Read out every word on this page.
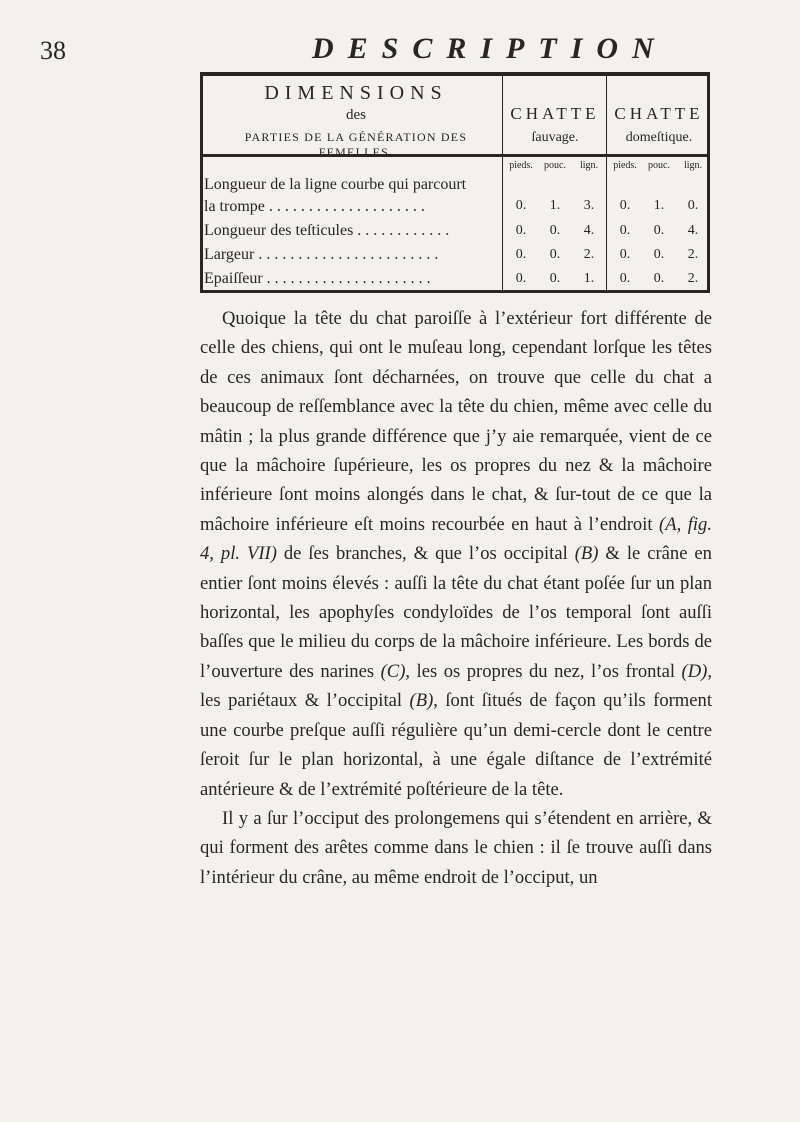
38	DESCRIPTION
DIMENSIONS
des
PARTIES DE LA GÉNÉRATION DES FEMELLES.
CHATTE
ſauvage.
CHATTE
domeſtique.
pieds. pouc. lign.	pieds. pouc. lign.
Longueur de la ligne courbe qui parcourt
la trompe . . . . . . . . . . . . . . . . . . . .	0. 1. 3.	0. 1. 0.
Longueur des teſticules . . . . . . . . . . . .	0. 0. 4.	0. 0. 4.
Largeur . . . . . . . . . . . . . . . . . . . . . . .	0. 0. 2.	0. 0. 2.
Epaiſſeur . . . . . . . . . . . . . . . . . . . . .	0. 0. 1.	0. 0. 2.

Quoique la tête du chat paroiſſe à l’extérieur fort différente de celle des chiens, qui ont le muſeau long, cependant lorſque les têtes de ces animaux ſont décharnées, on trouve que celle du chat a beaucoup de reſſemblance avec la tête du chien, même avec celle du mâtin ; la plus grande différence que j’y aie remarquée, vient de ce que la mâchoire ſupérieure, les os propres du nez & la mâchoire inférieure ſont moins alongés dans le chat, & ſur-tout de ce que la mâchoire inférieure eſt moins recourbée en haut à l’endroit (A, fig. 4, pl. VII) de ſes branches, & que l’os occipital (B) & le crâne en entier ſont moins élevés : auſſi la tête du chat étant poſée ſur un plan horizontal, les apophyſes condyloïdes de l’os temporal ſont auſſi baſſes que le milieu du corps de la mâchoire inférieure. Les bords de l’ouverture des narines (C), les os propres du nez, l’os frontal (D), les pariétaux & l’occipital (B), ſont ſitués de façon qu’ils forment une courbe preſque auſſi régulière qu’un demi-cercle dont le centre ſeroit ſur le plan horizontal, à une égale diſtance de l’extrémité antérieure & de l’extrémité poſtérieure de la tête.

Il y a ſur l’occiput des prolongemens qui s’étendent en arrière, & qui forment des arêtes comme dans le chien : il ſe trouve auſſi dans l’intérieur du crâne, au même endroit de l’occiput, un
